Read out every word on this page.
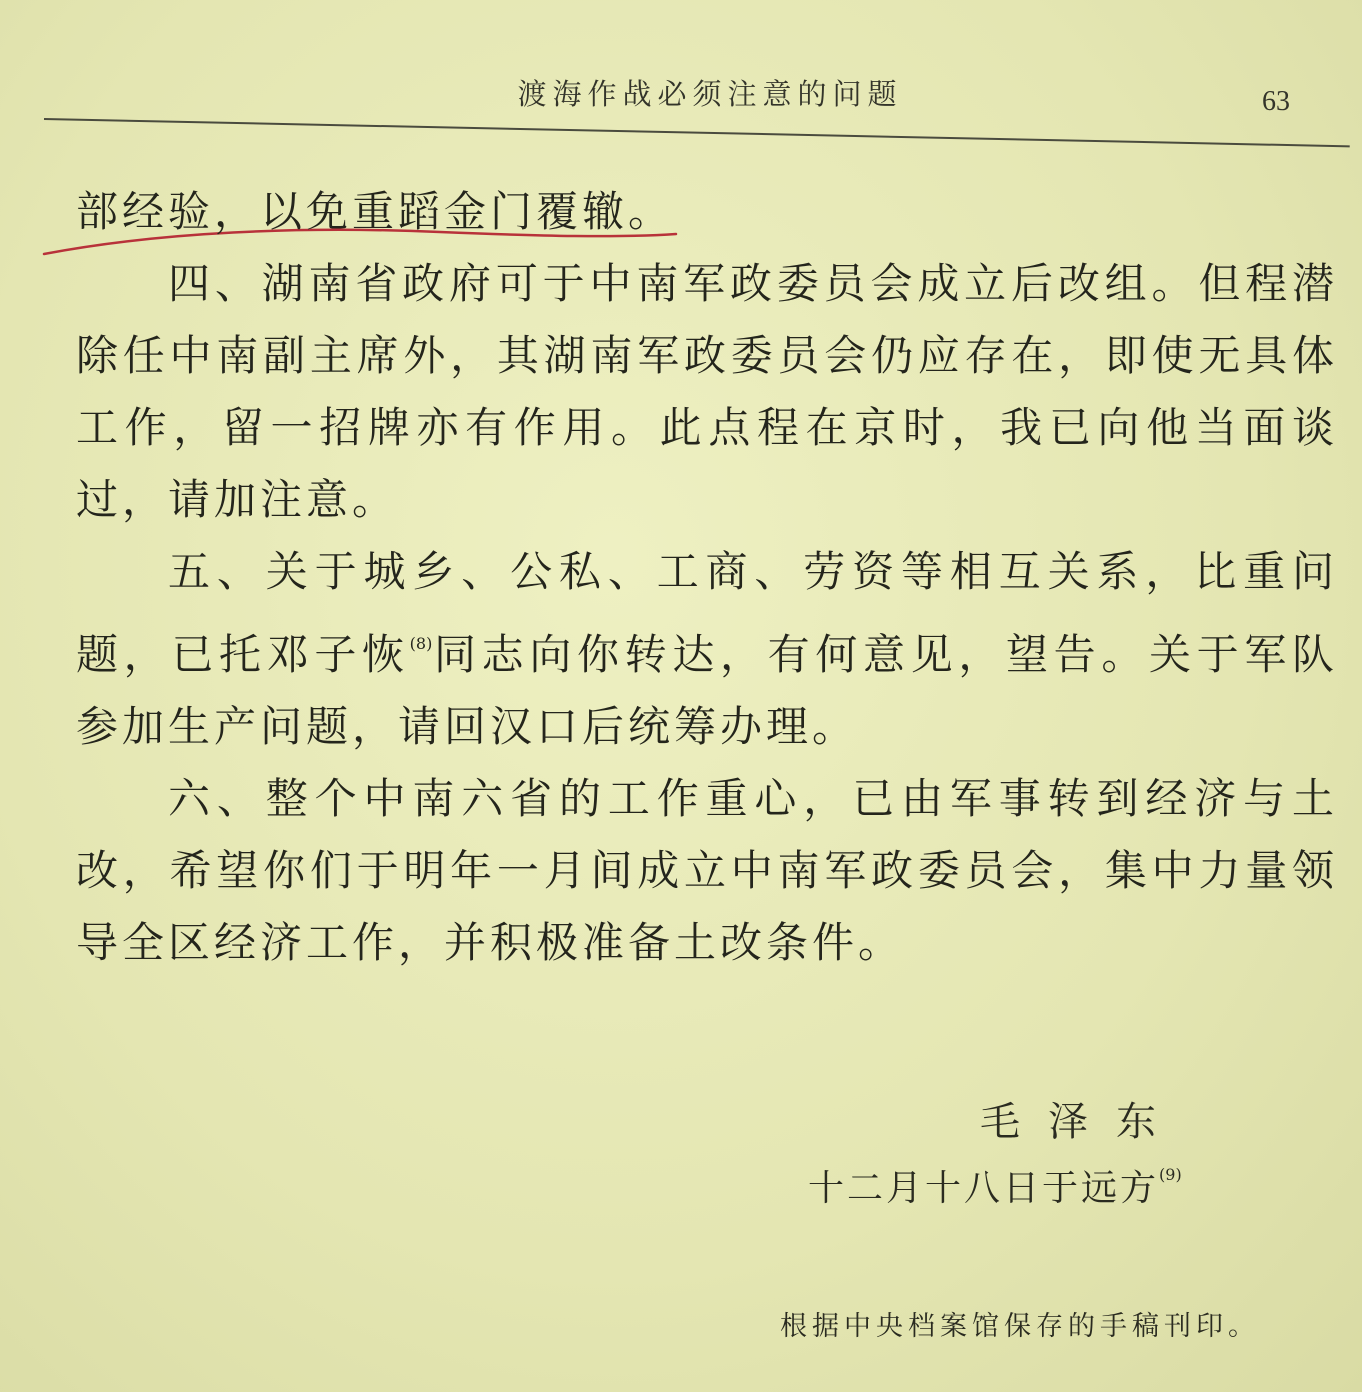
渡海作战必须注意的问题	63

部经验，以免重蹈金门覆辙。

四、湖南省政府可于中南军政委员会成立后改组。但程潜除任中南副主席外，其湖南军政委员会仍应存在，即使无具体工作，留一招牌亦有作用。此点程在京时，我已向他当面谈过，请加注意。

五、关于城乡、公私、工商、劳资等相互关系，比重问题，已托邓子恢$^{(8)}$同志向你转达，有何意见，望告。关于军队参加生产问题，请回汉口后统筹办理。

六、整个中南六省的工作重心，已由军事转到经济与土改，希望你们于明年一月间成立中南军政委员会，集中力量领导全区经济工作，并积极准备土改条件。

毛泽东
十二月十八日于远方$^{(9)}$
根据中央档案馆保存的手稿刊印。
